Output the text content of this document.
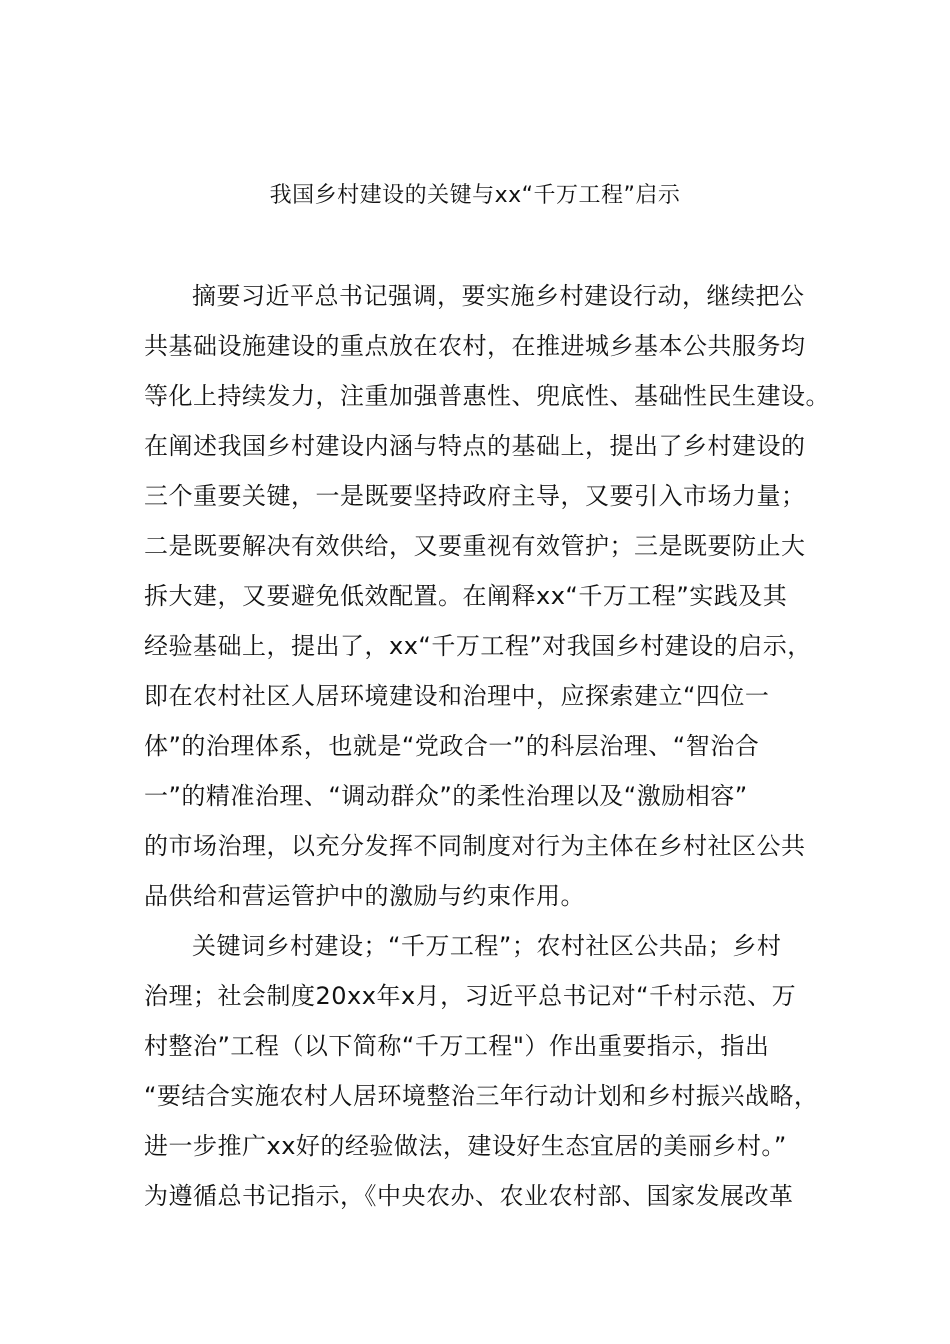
我国乡村建设的关键与xx“千万工程”启示
摘要习近平总书记强调，要实施乡村建设行动，继续把公
共基础设施建设的重点放在农村，在推进城乡基本公共服务均
等化上持续发力，注重加强普惠性、兜底性、基础性民生建设。
在阐述我国乡村建设内涵与特点的基础上，提出了乡村建设的
三个重要关键，一是既要坚持政府主导，又要引入市场力量；
二是既要解决有效供给，又要重视有效管护；三是既要防止大
拆大建，又要避免低效配置。在阐释xx“千万工程”实践及其
经验基础上，提出了，xx“千万工程”对我国乡村建设的启示，
即在农村社区人居环境建设和治理中，应探索建立“四位一
体”的治理体系，也就是“党政合一”的科层治理、“智治合
一”的精准治理、“调动群众”的柔性治理以及“激励相容”
的市场治理，以充分发挥不同制度对行为主体在乡村社区公共
品供给和营运管护中的激励与约束作用。
关键词乡村建设；“千万工程”；农村社区公共品；乡村
治理；社会制度20xx年x月，习近平总书记对“千村示范、万
村整治”工程（以下简称“千万工程"）作出重要指示，指出
“要结合实施农村人居环境整治三年行动计划和乡村振兴战略，
进一步推广xx好的经验做法，建设好生态宜居的美丽乡村。”
为遵循总书记指示，《中央农办、农业农村部、国家发展改革
